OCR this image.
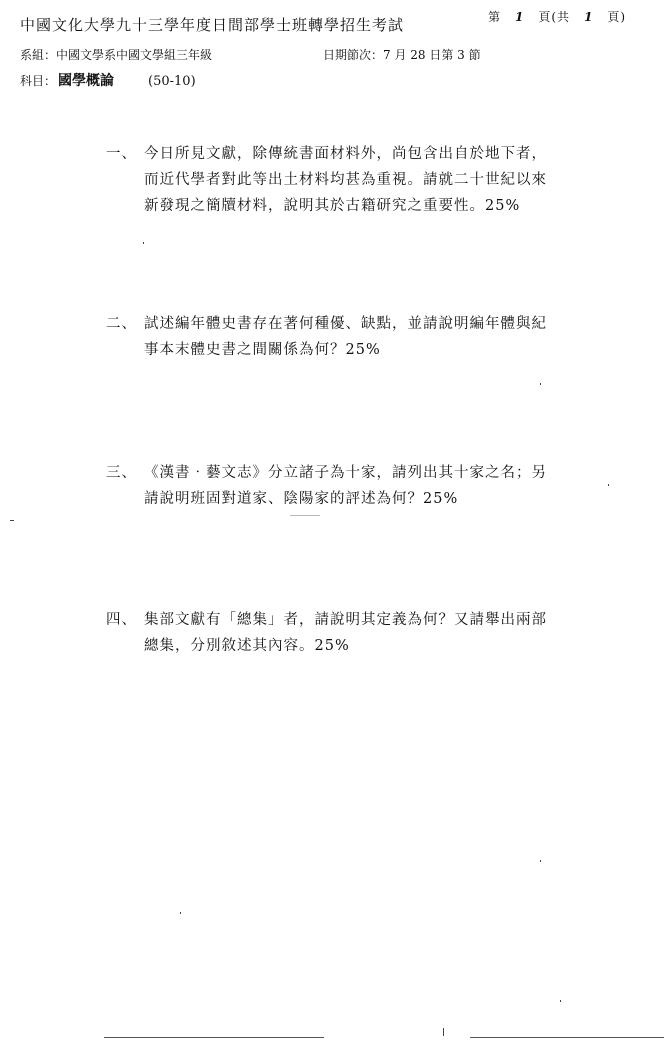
中國文化大學九十三學年度日間部學士班轉學招生考試	第 1 頁(共 1 頁)
系組：中國文學系中國文學組三年級	日期節次：7 月 28 日第 3 節
科目： 國學概論	(50-10)
一、 今日所見文獻，除傳統書面材料外，尚包含出自於地下者，
而近代學者對此等出土材料均甚為重視。請就二十世紀以來
新發現之簡牘材料，說明其於古籍研究之重要性。25%
二、 試述編年體史書存在著何種優、缺點，並請說明編年體與紀
事本末體史書之間關係為何？25%
三、 《漢書‧藝文志》分立諸子為十家，請列出其十家之名；另
請說明班固對道家、陰陽家的評述為何？25%
四、 集部文獻有「總集」者，請說明其定義為何？又請舉出兩部
總集，分別敘述其內容。25%
